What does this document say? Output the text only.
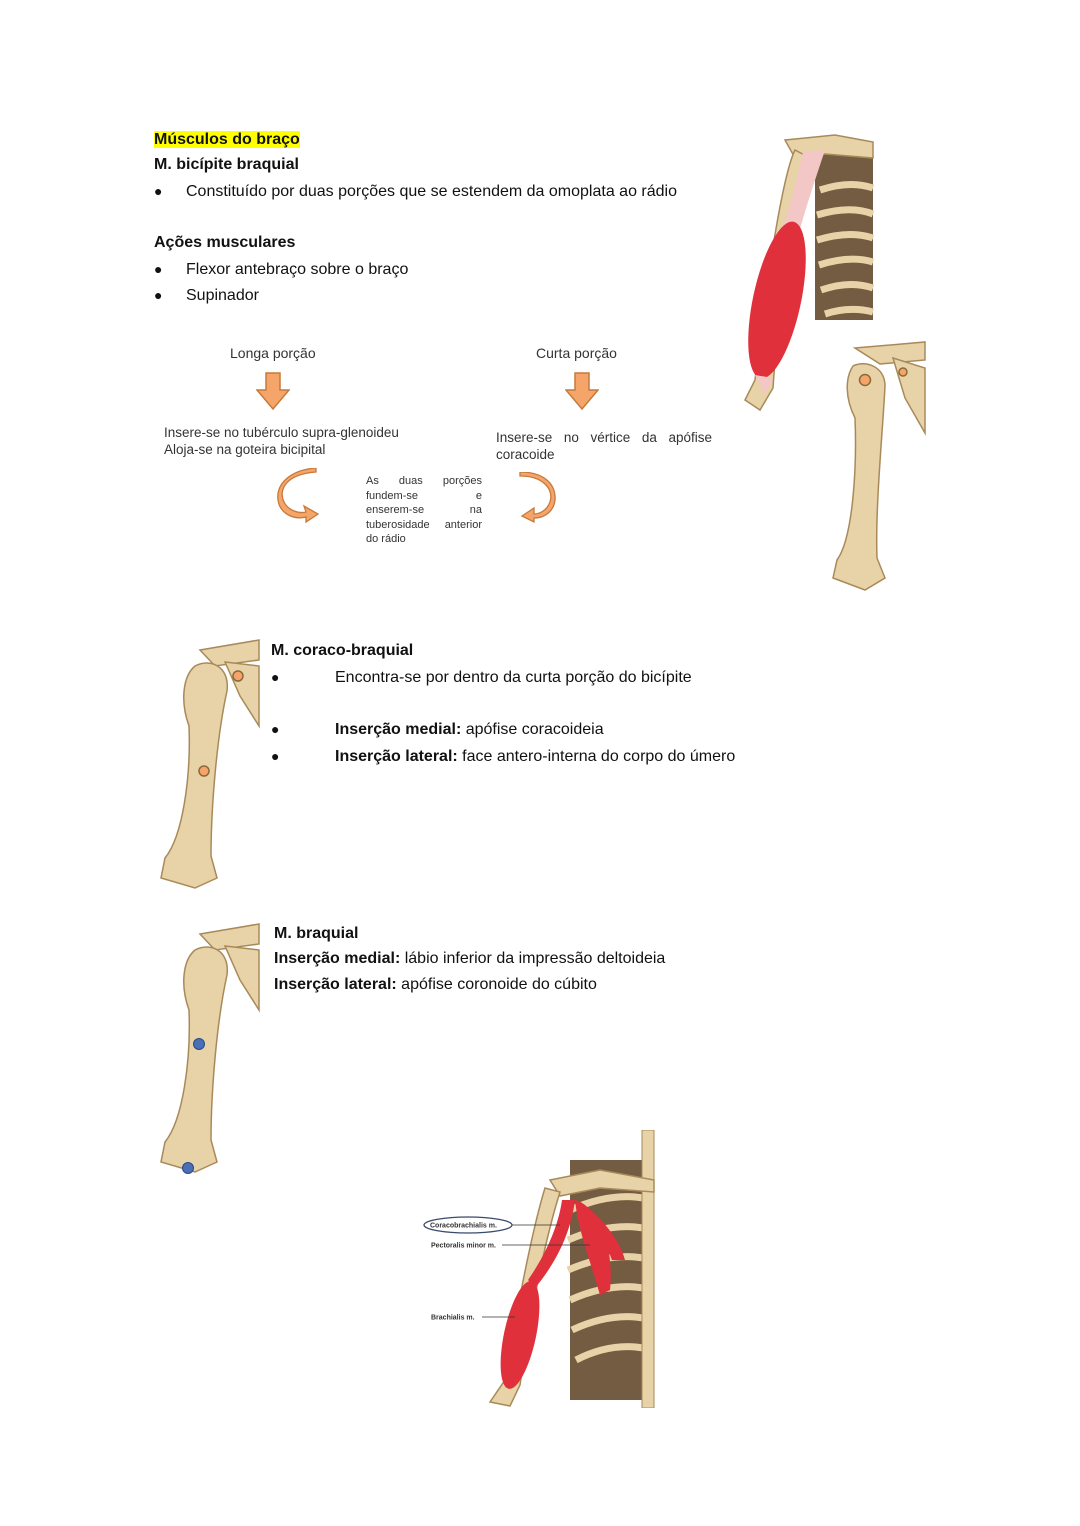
Músculos do braço
M. bicípite braquial
●	Constituído por duas porções que se estendem da omoplata ao rádio
Ações musculares
●	Flexor antebraço sobre o braço
●	Supinador
Longa porção	Curta porção
Insere-se no tubérculo supra-glenoideu
Aloja-se na goteira bicipital
Insere-se no vértice da apófise coracoide
As duas porções
fundem-se e
enserem-se na
tuberosidade anterior
do rádio
M. coraco-braquial
●	Encontra-se por dentro da curta porção do bicípite
●	Inserção medial: apófise coracoideia
●	Inserção lateral: face antero-interna do corpo do úmero
M. braquial
Inserção medial: lábio inferior da impressão deltoideia
Inserção lateral: apófise coronoide do cúbito
Coracobrachialis m.
Pectoralis minor m.
Brachialis m.
